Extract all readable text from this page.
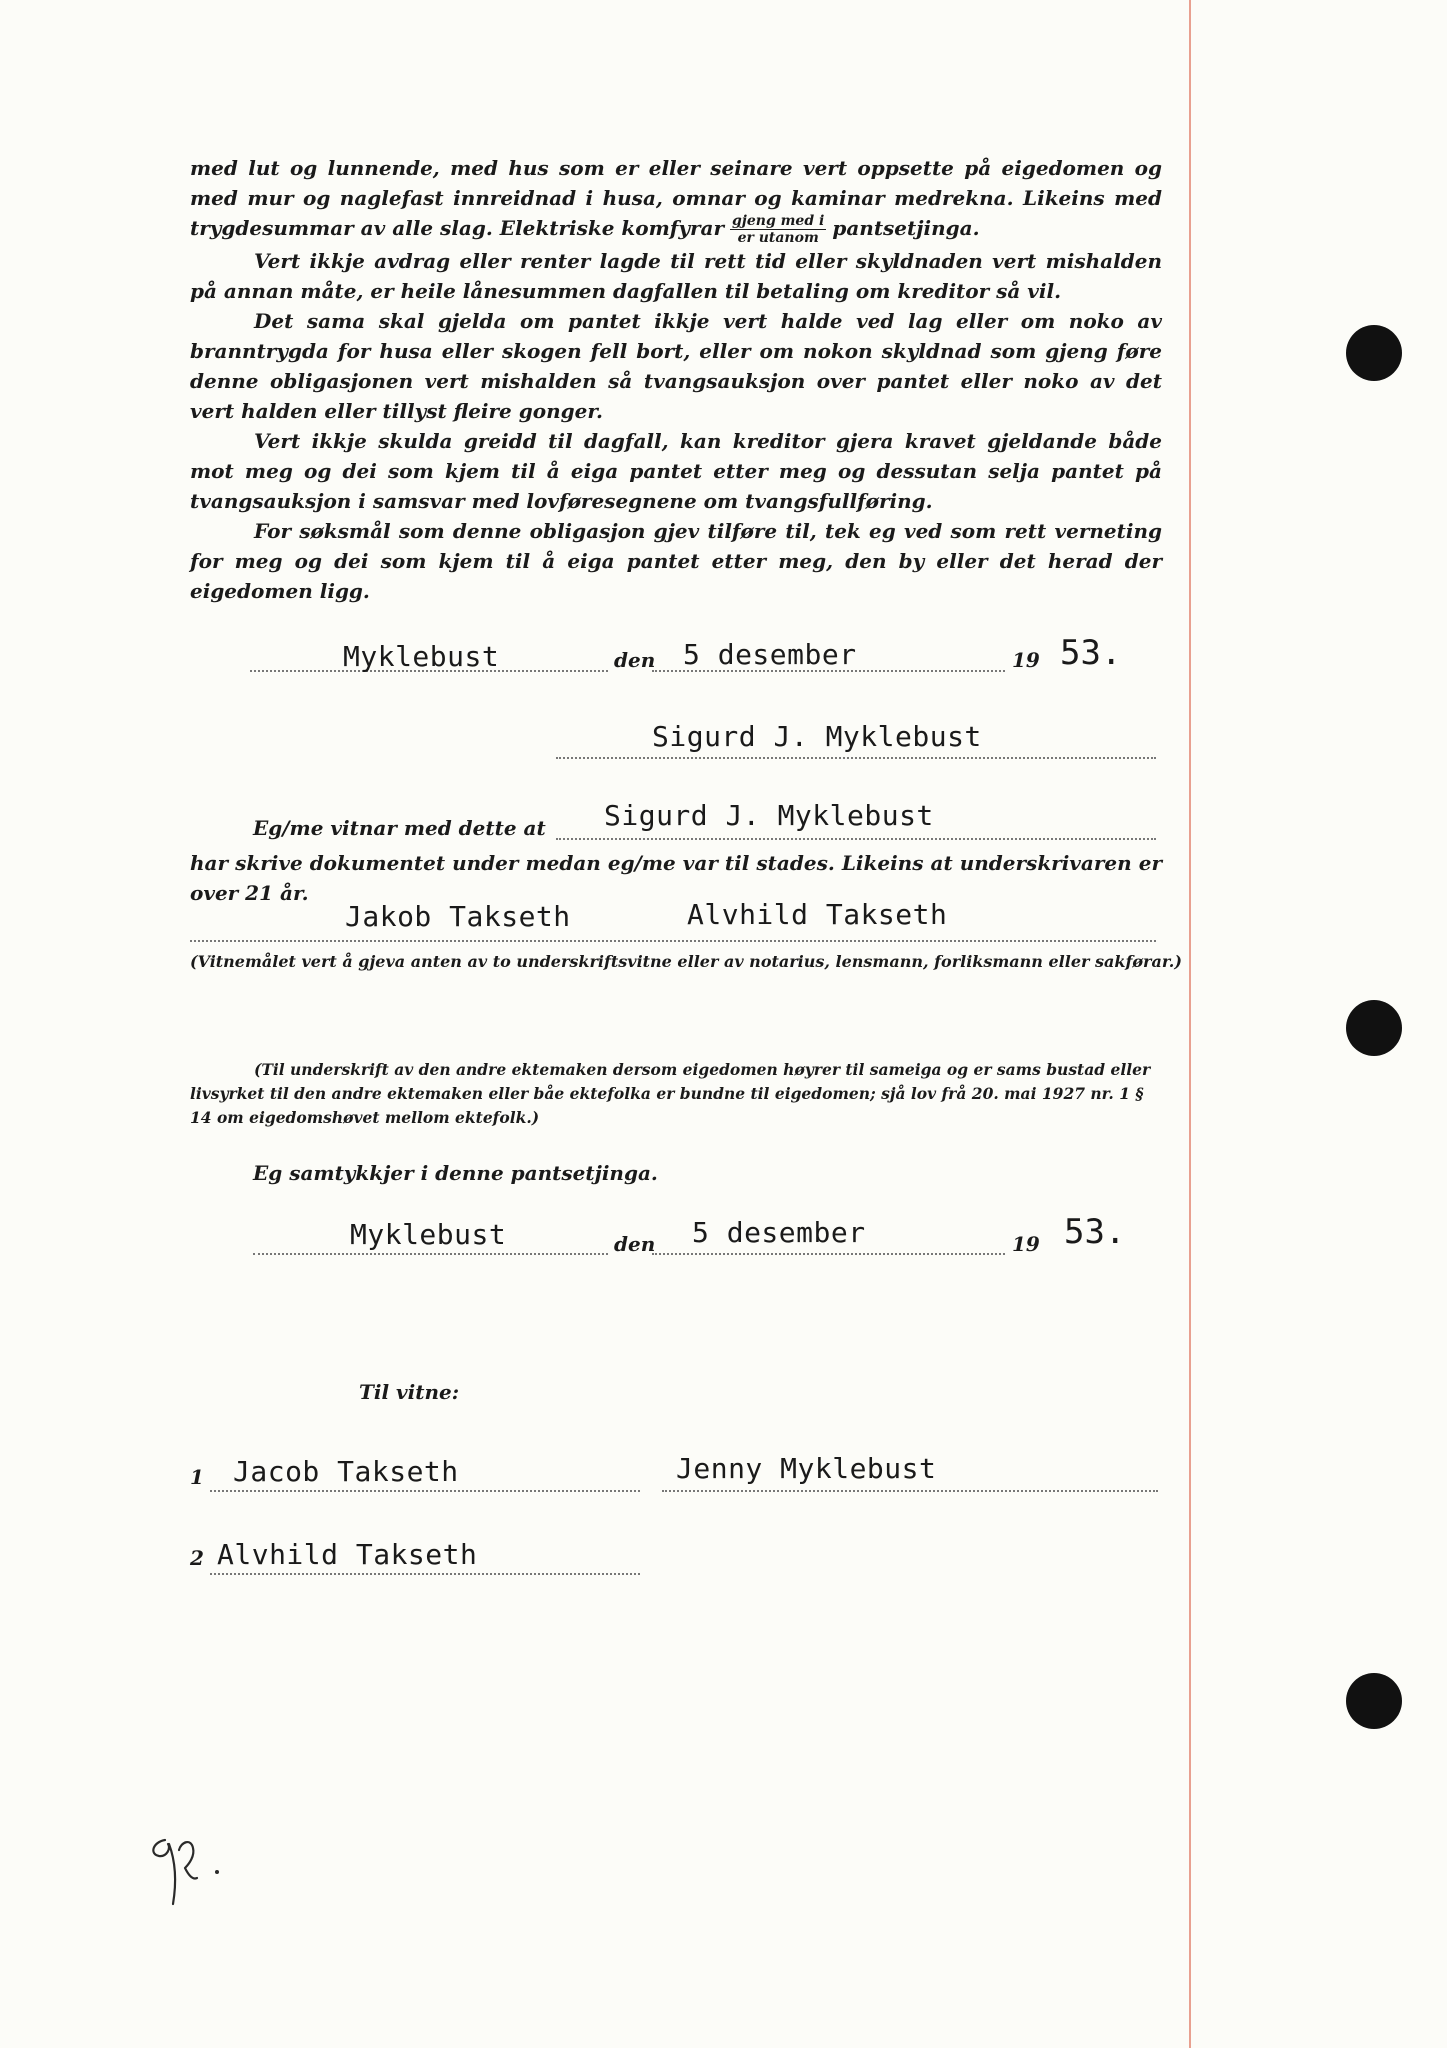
med lut og lunnende, med hus som er eller seinare vert oppsette på eigedomen og med mur og naglefast innreidnad i husa, omnar og kaminar medrekna. Likeins med trygdesummar av alle slag. Elektriske komfyrar $\frac{\text{gjeng med i}}{\text{er utanom}}$ pantsetjinga.

Vert ikkje avdrag eller renter lagde til rett tid eller skyldnaden vert mishalden på annan måte, er heile lånesummen dagfallen til betaling om kreditor så vil.

Det sama skal gjelda om pantet ikkje vert halde ved lag eller om noko av branntrygda for husa eller skogen fell bort, eller om nokon skyldnad som gjeng føre denne obligasjonen vert mishalden så tvangsauksjon over pantet eller noko av det vert halden eller tillyst fleire gonger.

Vert ikkje skulda greidd til dagfall, kan kreditor gjera kravet gjeldande både mot meg og dei som kjem til å eiga pantet etter meg og dessutan selja pantet på tvangsauksjon i samsvar med lovføresegnene om tvangsfullføring.

For søksmål som denne obligasjon gjev tilføre til, tek eg ved som rett verneting for meg og dei som kjem til å eiga pantet etter meg, den by eller det herad der eigedomen ligg.

Myklebust	den 5 desember	19 53.
Sigurd J. Myklebust
Eg/me vitnar med dette at Sigurd J. Myklebust

har skrive dokumentet under medan eg/me var til stades. Likeins at underskrivaren er over 21 år.

Jakob Takseth	Alvhild Takseth
(Vitnemålet vert å gjeva anten av to underskriftsvitne eller av notarius, lensmann, forliksmann eller sakførar.)

(Til underskrift av den andre ektemaken dersom eigedomen høyrer til sameiga og er sams bustad eller livsyrket til den andre ektemaken eller båe ektefolka er bundne til eigedomen; sjå lov frå 20. mai 1927 nr. 1 § 14 om eigedomshøvet mellom ektefolk.)

Eg samtykkjer i denne pantsetjinga.
Myklebust	den 5 desember	19 53.
Til vitne:
1 Jacob Takseth	Jenny Myklebust
2 Alvhild Takseth
